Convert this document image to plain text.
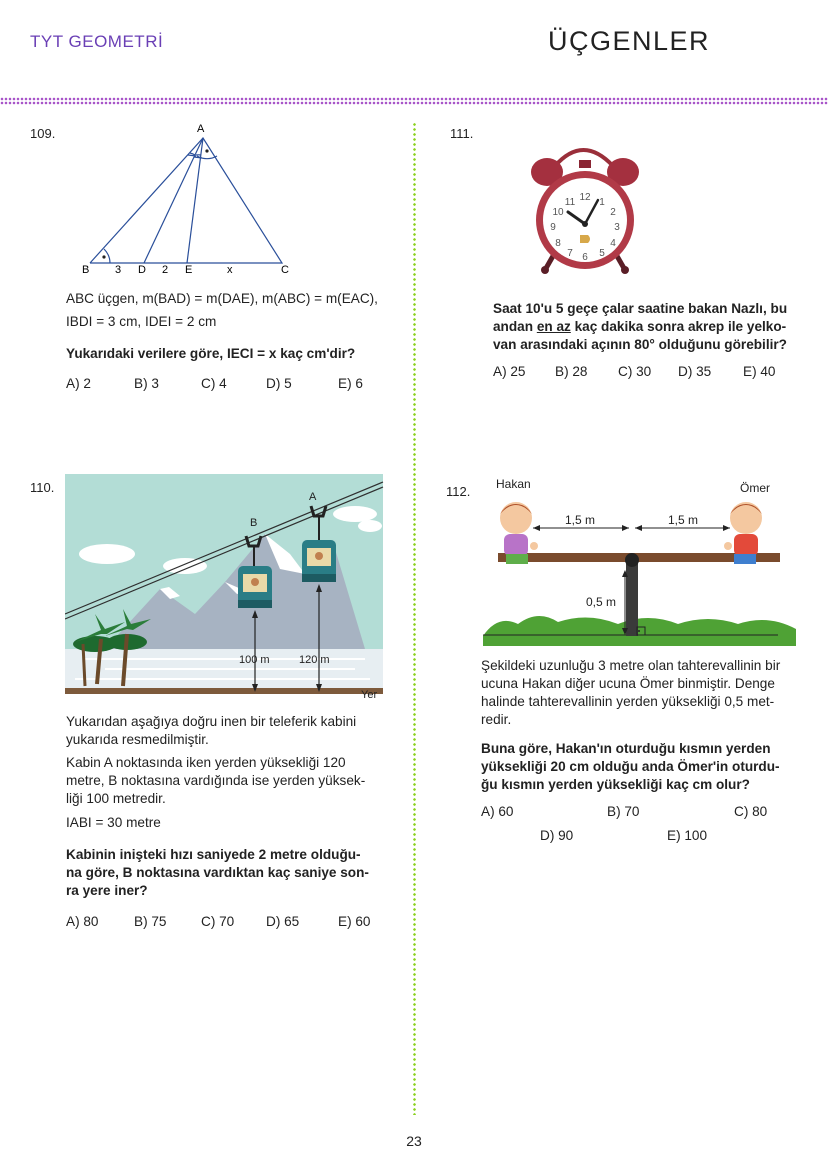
TYT GEOMETRİ	ÜÇGENLER
109.	A
B 3 D 2 E	x	C
ABC üçgen, m(BAD) = m(DAE), m(ABC) = m(EAC),
IBDI = 3 cm, IDEI = 2 cm
Yukarıdaki verilere göre, IECI = x kaç cm'dir?
A) 2	B) 3	C) 4	D) 5	E) 6
111.
12 1
2
3
4
5
6
7
8
9
10
11
Saat 10'u 5 geçe çalar saatine bakan Nazlı, bu
andan en az kaç dakika sonra akrep ile yelko-
van arasındaki açının 80° olduğunu görebilir?
A) 25 B) 28 C) 30 D) 35 E) 40
110.
B
A
100 m	120 m
Yer
Yukarıdan aşağıya doğru inen bir teleferik kabini
yukarıda resmedilmiştir.
Kabin A noktasında iken yerden yüksekliği 120
metre, B noktasına vardığında ise yerden yüksek-
liği 100 metredir.
IABI = 30 metre
Kabinin inişteki hızı saniyede 2 metre olduğu-
na göre, B noktasına vardıktan kaç saniye son-
ra yere iner?
A) 80	B) 75	C) 70 D) 65	E) 60
112. Hakan	Ömer
1,5 m	1,5 m
0,5 m
Şekildeki uzunluğu 3 metre olan tahterevallinin bir
ucuna Hakan diğer ucuna Ömer binmiştir. Denge
halinde tahterevallinin yerden yüksekliği 0,5 met-
redir.
Buna göre, Hakan'ın oturduğu kısmın yerden
yüksekliği 20 cm olduğu anda Ömer'in oturdu-
ğu kısmın yerden yüksekliği kaç cm olur?
A) 60	B) 70	C) 80
D) 90	E) 100
23
